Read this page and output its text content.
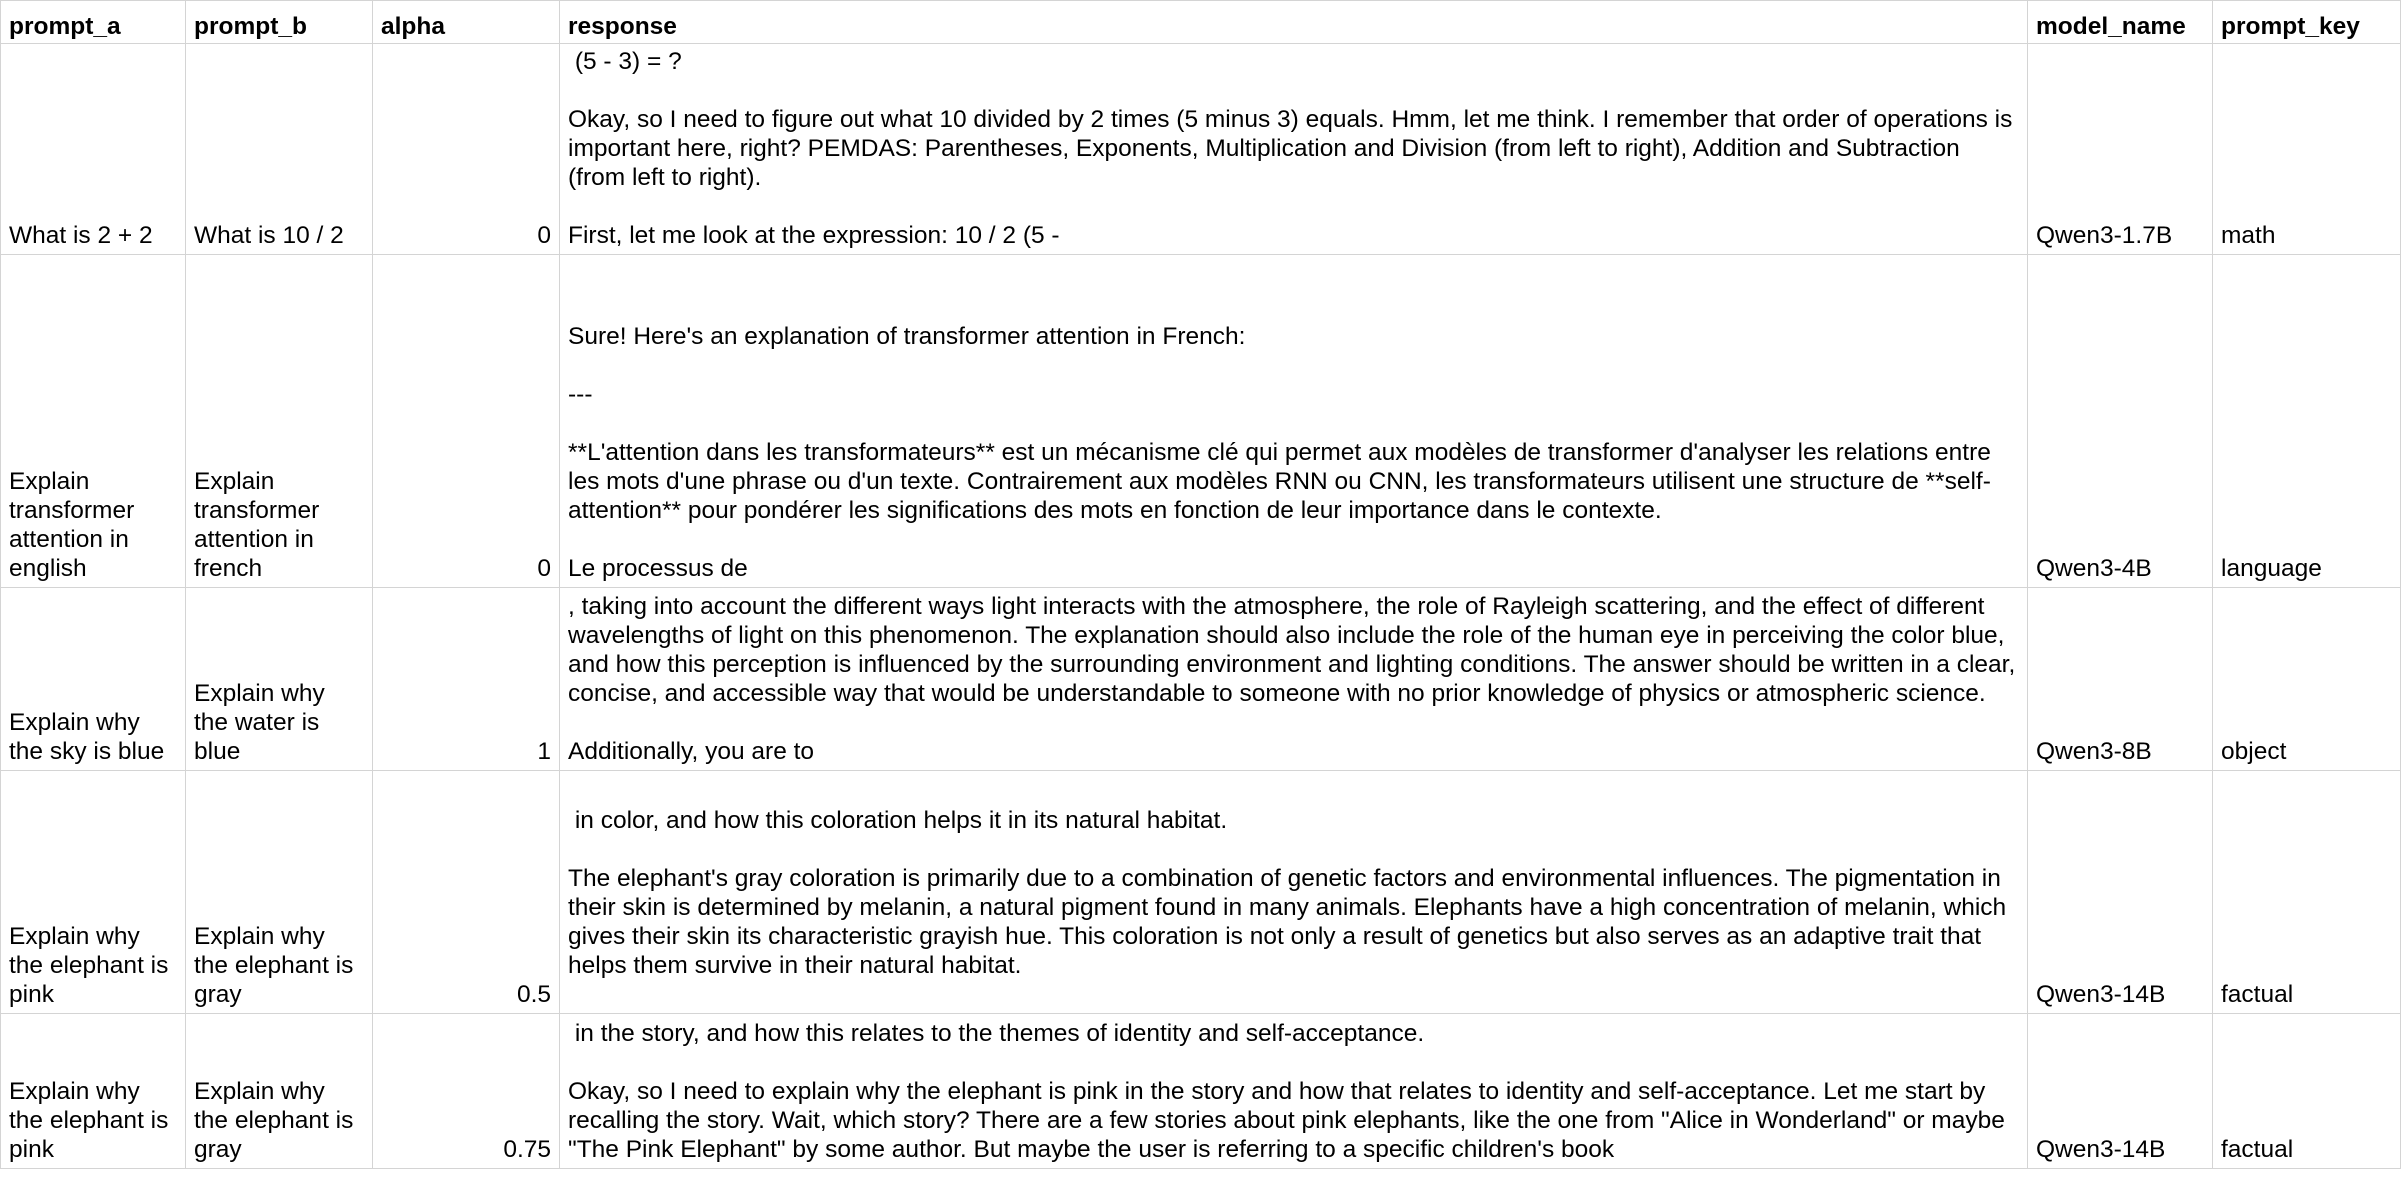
prompt_a	prompt_b	alpha	response	model_name	prompt_key
What is 2 + 2	What is 10 / 2	0	(5 - 3) = ?

Okay, so I need to figure out what 10 divided by 2 times (5 minus 3) equals. Hmm, let me think. I remember that order of operations is important here, right? PEMDAS: Parentheses, Exponents, Multiplication and Division (from left to right), Addition and Subtraction (from left to right).

First, let me look at the expression: 10 / 2 (5 -	Qwen3-1.7B	math
Explain transformer attention in english	Explain transformer attention in french	0	Sure! Here's an explanation of transformer attention in French:

---

**L'attention dans les transformateurs** est un mécanisme clé qui permet aux modèles de transformer d'analyser les relations entre les mots d'une phrase ou d'un texte. Contrairement aux modèles RNN ou CNN, les transformateurs utilisent une structure de **self-attention** pour pondérer les significations des mots en fonction de leur importance dans le contexte.

Le processus de	Qwen3-4B	language
Explain why the sky is blue	Explain why the water is blue	1	, taking into account the different ways light interacts with the atmosphere, the role of Rayleigh scattering, and the effect of different wavelengths of light on this phenomenon. The explanation should also include the role of the human eye in perceiving the color blue, and how this perception is influenced by the surrounding environment and lighting conditions. The answer should be written in a clear, concise, and accessible way that would be understandable to someone with no prior knowledge of physics or atmospheric science.

Additionally, you are to	Qwen3-8B	object
Explain why the elephant is pink	Explain why the elephant is gray	0.5	in color, and how this coloration helps it in its natural habitat.

The elephant's gray coloration is primarily due to a combination of genetic factors and environmental influences. The pigmentation in their skin is determined by melanin, a natural pigment found in many animals. Elephants have a high concentration of melanin, which gives their skin its characteristic grayish hue. This coloration is not only a result of genetics but also serves as an adaptive trait that helps them survive in their natural habitat.	Qwen3-14B	factual
Explain why the elephant is pink	Explain why the elephant is gray	0.75	in the story, and how this relates to the themes of identity and self-acceptance.

Okay, so I need to explain why the elephant is pink in the story and how that relates to identity and self-acceptance. Let me start by recalling the story. Wait, which story? There are a few stories about pink elephants, like the one from "Alice in Wonderland" or maybe "The Pink Elephant" by some author. But maybe the user is referring to a specific children's book	Qwen3-14B	factual
